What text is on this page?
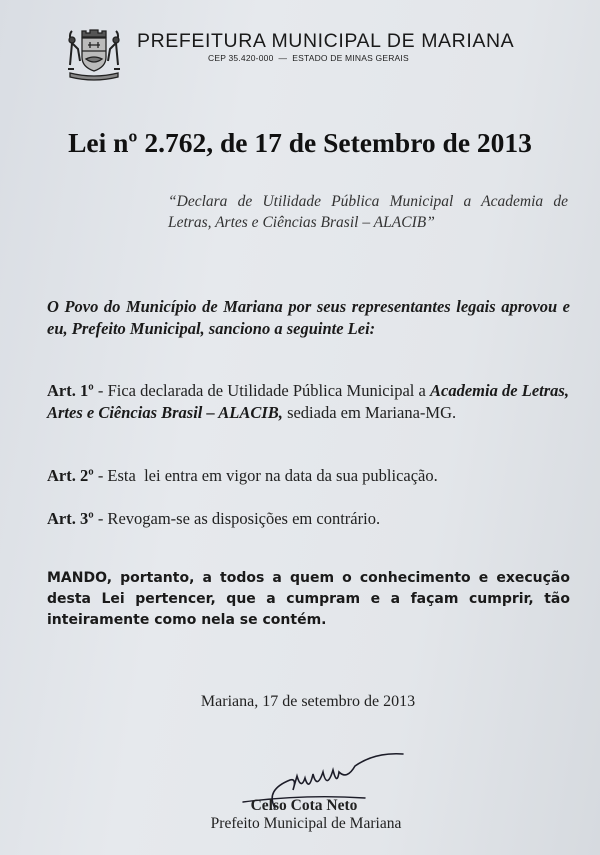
PREFEITURA MUNICIPAL DE MARIANA
CEP 35.420-000 — ESTADO DE MINAS GERAIS
Lei nº 2.762, de 17 de Setembro de 2013
“Declara de Utilidade Pública Municipal a Academia de Letras, Artes e Ciências Brasil – ALACIB”
O Povo do Município de Mariana por seus representantes legais aprovou e eu, Prefeito Municipal, sanciono a seguinte Lei:
Art. 1º - Fica declarada de Utilidade Pública Municipal a Academia de Letras, Artes e Ciências Brasil – ALACIB, sediada em Mariana-MG.
Art. 2º - Esta  lei entra em vigor na data da sua publicação.
Art. 3º - Revogam-se as disposições em contrário.
MANDO, portanto, a todos a quem o conhecimento e execução desta Lei pertencer, que a cumpram e a façam cumprir, tão inteiramente como nela se contém.
Mariana, 17 de setembro de 2013
Celso Cota Neto
Prefeito Municipal de Mariana
